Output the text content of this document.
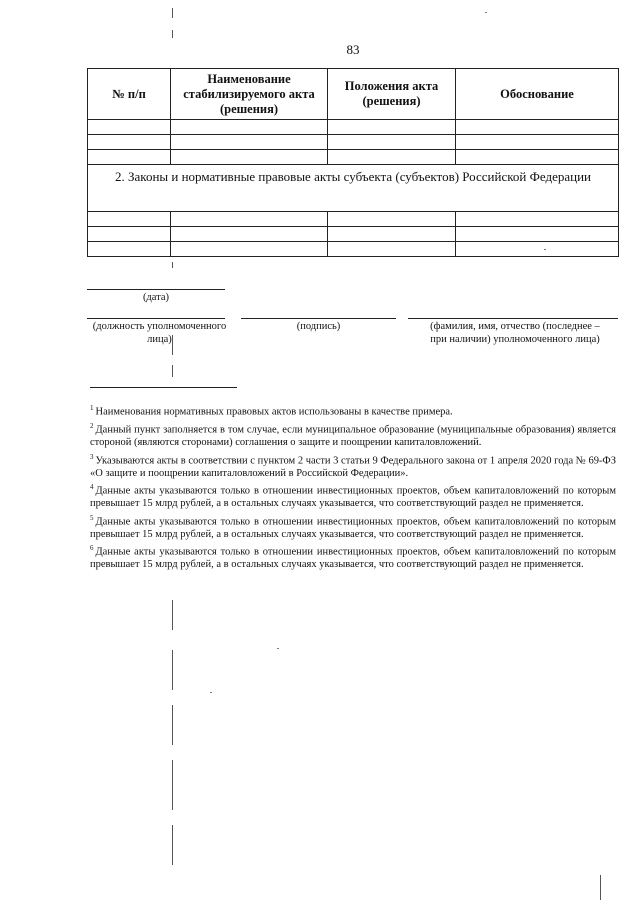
83
№ п/п	Наименование стабилизируемого акта (решения)	Положения акта (решения)	Обоснование

2. Законы и нормативные правовые акты субъекта (субъектов) Российской Федерации			

(дата)
(должность уполномоченного лица)
(подпись)	(фамилия, имя, отчество (последнее – при наличии) уполномоченного лица)

$^1$ Наименования нормативных правовых актов использованы в качестве примера.

$^2$ Данный пункт заполняется в том случае, если муниципальное образование (муниципальные образования) является стороной (являются сторонами) соглашения о защите и поощрении капиталовложений.

$^3$ Указываются акты в соответствии с пунктом 2 части 3 статьи 9 Федерального закона от 1 апреля 2020 года № 69-ФЗ «О защите и поощрении капиталовложений в Российской Федерации».

$^4$ Данные акты указываются только в отношении инвестиционных проектов, объем капиталовложений по которым превышает 15 млрд рублей, а в остальных случаях указывается, что соответствующий раздел не применяется.

$^5$ Данные акты указываются только в отношении инвестиционных проектов, объем капиталовложений по которым превышает 15 млрд рублей, а в остальных случаях указывается, что соответствующий раздел не применяется.

$^6$ Данные акты указываются только в отношении инвестиционных проектов, объем капиталовложений по которым превышает 15 млрд рублей, а в остальных случаях указывается, что соответствующий раздел не применяется.
